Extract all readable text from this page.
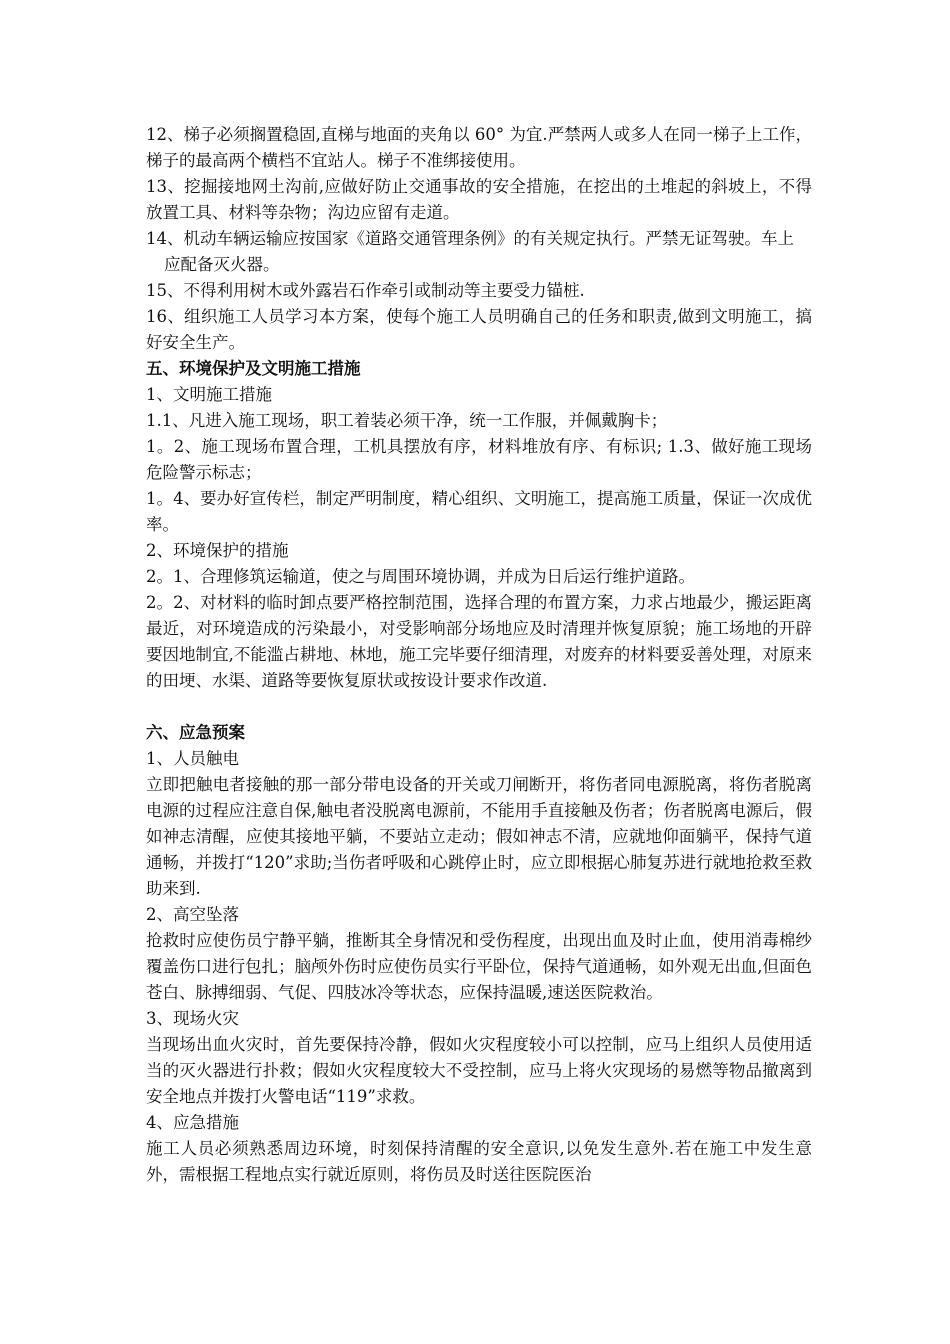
12、梯子必须搁置稳固,直梯与地面的夹角以 60° 为宜.严禁两人或多人在同一梯子上工作，梯子的最高两个横档不宜站人。梯子不准绑接使用。

13、挖掘接地网土沟前,应做好防止交通事故的安全措施，在挖出的土堆起的斜坡上，不得放置工具、材料等杂物；沟边应留有走道。

14、机动车辆运输应按国家《道路交通管理条例》的有关规定执行。严禁无证驾驶。车上

应配备灭火器。

15、不得利用树木或外露岩石作牵引或制动等主要受力锚桩.

16、组织施工人员学习本方案，使每个施工人员明确自己的任务和职责,做到文明施工，搞好安全生产。

五、环境保护及文明施工措施

1、文明施工措施

1.1、凡进入施工现场，职工着装必须干净，统一工作服，并佩戴胸卡；

1。2、施工现场布置合理，工机具摆放有序，材料堆放有序、有标识; 1.3、做好施工现场危险警示标志；

1。4、要办好宣传栏，制定严明制度，精心组织、文明施工，提高施工质量，保证一次成优率。

2、环境保护的措施

2。1、合理修筑运输道，使之与周围环境协调，并成为日后运行维护道路。

2。2、对材料的临时卸点要严格控制范围，选择合理的布置方案，力求占地最少，搬运距离最近，对环境造成的污染最小，对受影响部分场地应及时清理并恢复原貌；施工场地的开辟要因地制宜,不能滥占耕地、林地，施工完毕要仔细清理，对废弃的材料要妥善处理，对原来的田埂、水渠、道路等要恢复原状或按设计要求作改道.

六、应急预案

1、人员触电

立即把触电者接触的那一部分带电设备的开关或刀闸断开，将伤者同电源脱离，将伤者脱离电源的过程应注意自保,触电者没脱离电源前，不能用手直接触及伤者；伤者脱离电源后，假如神志清醒，应使其接地平躺，不要站立走动；假如神志不清，应就地仰面躺平，保持气道通畅，并拨打“120”求助;当伤者呼吸和心跳停止时，应立即根据心肺复苏进行就地抢救至救助来到.

2、高空坠落

抢救时应使伤员宁静平躺，推断其全身情况和受伤程度，出现出血及时止血，使用消毒棉纱覆盖伤口进行包扎；脑颅外伤时应使伤员实行平卧位，保持气道通畅，如外观无出血,但面色苍白、脉搏细弱、气促、四肢冰冷等状态，应保持温暖,速送医院救治。

3、现场火灾

当现场出血火灾时，首先要保持冷静，假如火灾程度较小可以控制，应马上组织人员使用适当的灭火器进行扑救；假如火灾程度较大不受控制，应马上将火灾现场的易燃等物品撤离到安全地点并拨打火警电话“119”求救。

4、应急措施

施工人员必须熟悉周边环境，时刻保持清醒的安全意识,以免发生意外.若在施工中发生意外，需根据工程地点实行就近原则，将伤员及时送往医院医治
